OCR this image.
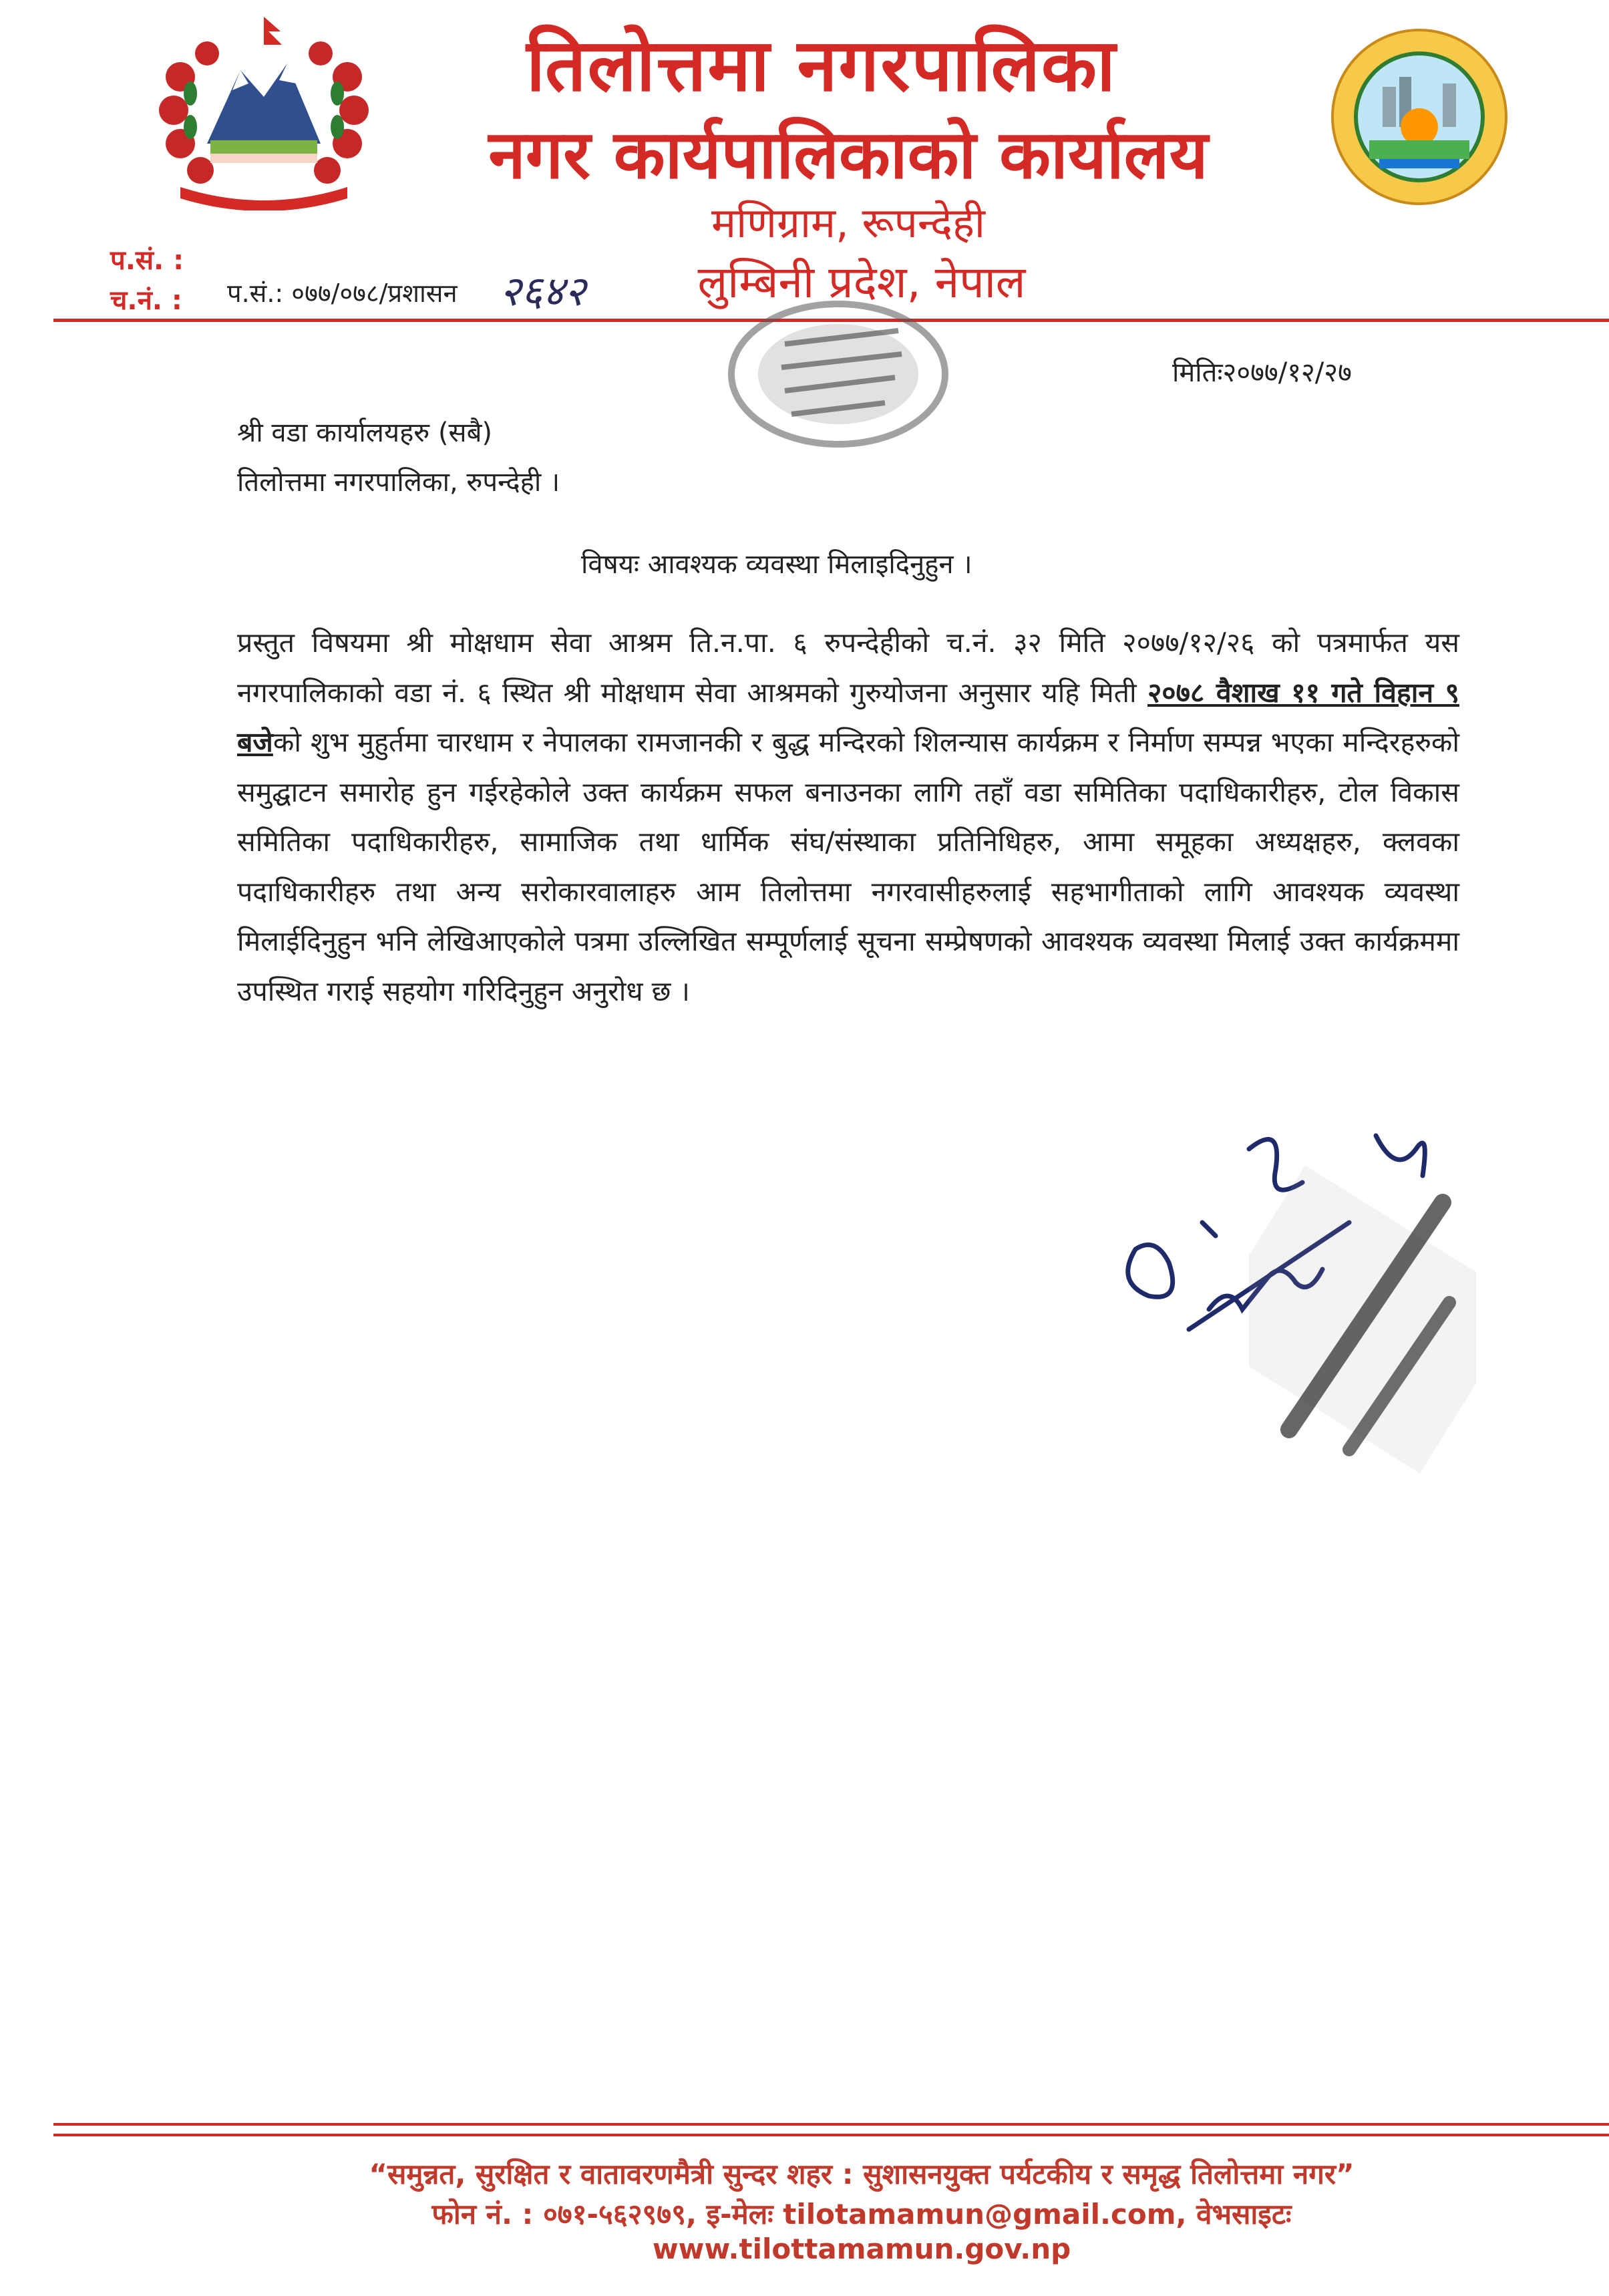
तिलोत्तमा नगरपालिका
नगर कार्यपालिकाको कार्यालय
मणिग्राम, रूपन्देही
लुम्बिनी प्रदेश, नेपाल
प.सं. :
च.नं. : प.सं.: ०७७/०७८/प्रशासन २६४२
मितिः२०७७/१२/२७
श्री वडा कार्यालयहरु (सबै)
तिलोत्तमा नगरपालिका, रुपन्देही ।
विषयः आवश्यक व्यवस्था मिलाइदिनुहुन ।
प्रस्तुत विषयमा श्री मोक्षधाम सेवा आश्रम ति.न.पा. ६ रुपन्देहीको च.नं. ३२ मिति २०७७/१२/२६ को पत्रमार्फत यस नगरपालिकाको वडा नं. ६ स्थित श्री मोक्षधाम सेवा आश्रमको गुरुयोजना अनुसार यहि मिती २०७८ वैशाख ११ गते विहान ९ बजेको शुभ मुहुर्तमा चारधाम र नेपालका रामजानकी र बुद्ध मन्दिरको शिलन्यास कार्यक्रम र निर्माण सम्पन्न भएका मन्दिरहरुको समुद्घाटन समारोह हुन गईरहेकोले उक्त कार्यक्रम सफल बनाउनका लागि तहाँ वडा समितिका पदाधिकारीहरु, टोल विकास समितिका पदाधिकारीहरु, सामाजिक तथा धार्मिक संघ/संस्थाका प्रतिनिधिहरु, आमा समूहका अध्यक्षहरु, क्लवका पदाधिकारीहरु तथा अन्य सरोकारवालाहरु आम तिलोत्तमा नगरवासीहरुलाई सहभागीताको लागि आवश्यक व्यवस्था मिलाईदिनुहुन भनि लेखिआएकोले पत्रमा उल्लिखित सम्पूर्णलाई सूचना सम्प्रेषणको आवश्यक व्यवस्था मिलाई उक्त कार्यक्रममा उपस्थित गराई सहयोग गरिदिनुहुन अनुरोध छ ।
“समुन्नत, सुरक्षित र वातावरणमैत्री सुन्दर शहर : सुशासनयुक्त पर्यटकीय र समृद्ध तिलोत्तमा नगर”
फोन नं. : ०७१-५६२९७९, इ-मेलः tilotamamun@gmail.com, वेभसाइटः www.tilottamamun.gov.np
